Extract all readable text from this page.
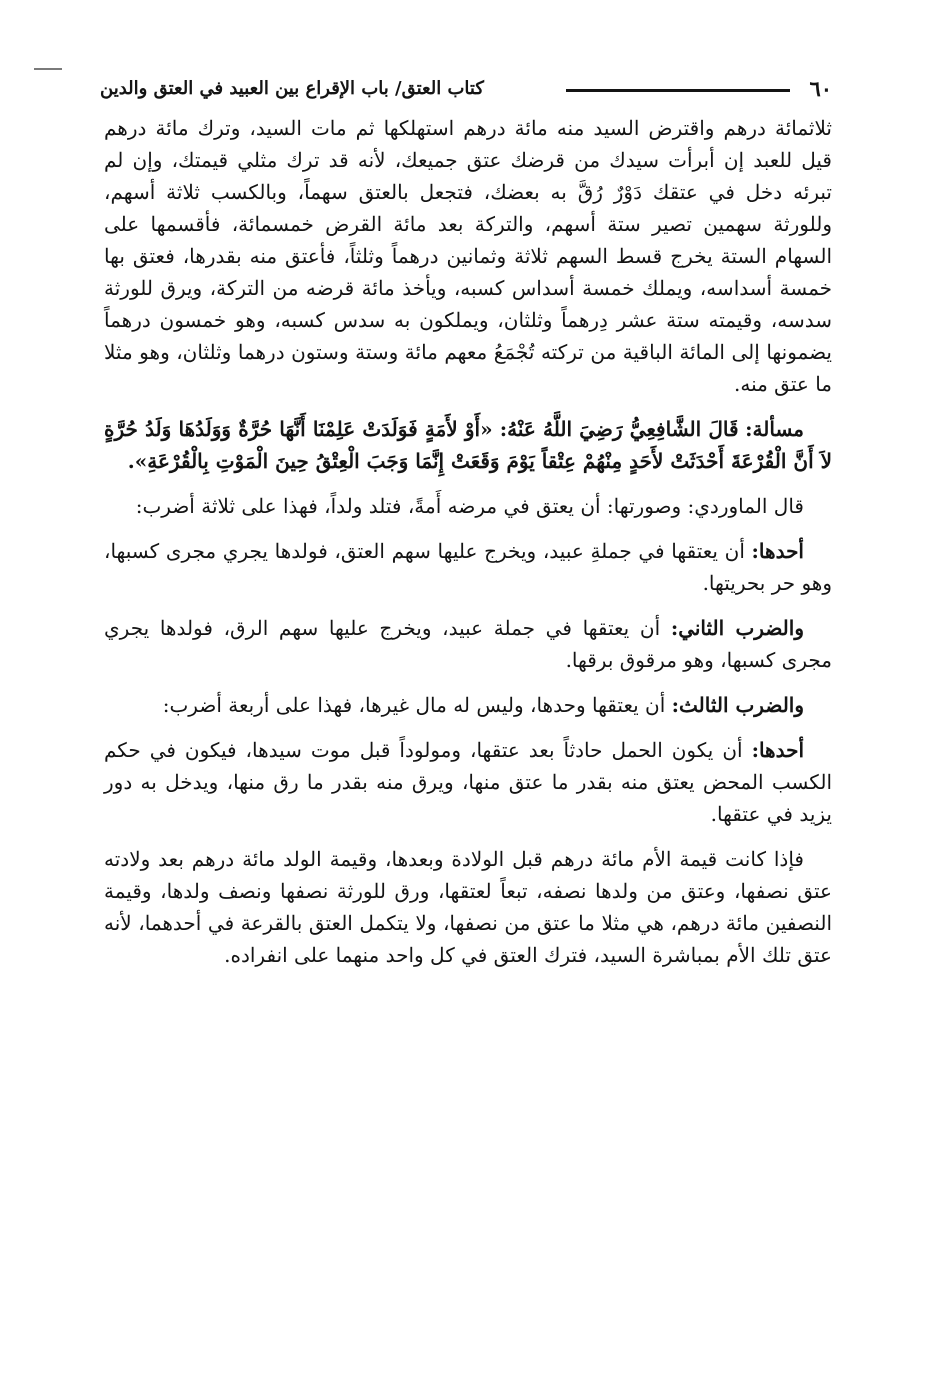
٦٠
كتاب العتق/ باب الإقراع بين العبيد في العتق والدين

ثلاثمائة درهم واقترض السيد منه مائة درهم استهلكها ثم مات السيد، وترك مائة درهم قيل للعبد إن أبرأت سيدك من قرضك عتق جميعك، لأنه قد ترك مثلي قيمتك، وإن لم تبرئه دخل في عتقك دَوْرٌ رُقَّ به بعضك، فتجعل بالعتق سهماً، وبالكسب ثلاثة أسهم، وللورثة سهمين تصير ستة أسهم، والتركة بعد مائة القرض خمسمائة، فأقسمها على السهام الستة يخرج قسط السهم ثلاثة وثمانين درهماً وثلثاً، فأعتق منه بقدرها، فعتق بها خمسة أسداسه، ويملك خمسة أسداس كسبه، ويأخذ مائة قرضه من التركة، ويرق للورثة سدسه، وقيمته ستة عشر دِرهماً وثلثان، ويملكون به سدس كسبه، وهو خمسون درهماً يضمونها إلى المائة الباقية من تركته تُجْمَعُ معهم مائة وستة وستون درهما وثلثان، وهو مثلا ما عتق منه.

مسألة: قَالَ الشَّافِعِيُّ رَضِيَ اللَّهُ عَنْهُ: «أَوْ لأَمَةٍ فَوَلَدَتْ عَلِمْنَا أَنَّهَا حُرَّةٌ وَوَلَدُهَا وَلَدُ حُرَّةٍ لاَ أَنَّ الْقُرْعَةَ أَحْدَثَتْ لأَحَدٍ مِنْهُمْ عِتْقاً يَوْمَ وَقَعَتْ إِنَّمَا وَجَبَ الْعِتْقُ حِينَ الْمَوْتِ بِالْقُرْعَةِ».

قال الماوردي: وصورتها: أن يعتق في مرضه أَمةً، فتلد ولداً، فهذا على ثلاثة أضرب:

أحدها: أن يعتقها في جملةِ عبيد، ويخرج عليها سهم العتق، فولدها يجري مجرى كسبها، وهو حر بحريتها.

والضرب الثاني: أن يعتقها في جملة عبيد، ويخرج عليها سهم الرق، فولدها يجري مجرى كسبها، وهو مرقوق برقها.

والضرب الثالث: أن يعتقها وحدها، وليس له مال غيرها، فهذا على أربعة أضرب:

أحدها: أن يكون الحمل حادثاً بعد عتقها، ومولوداً قبل موت سيدها، فيكون في حكم الكسب المحض يعتق منه بقدر ما عتق منها، ويرق منه بقدر ما رق منها، ويدخل به دور يزيد في عتقها.

فإذا كانت قيمة الأم مائة درهم قبل الولادة وبعدها، وقيمة الولد مائة درهم بعد ولادته عتق نصفها، وعتق من ولدها نصفه، تبعاً لعتقها، ورق للورثة نصفها ونصف ولدها، وقيمة النصفين مائة درهم، هي مثلا ما عتق من نصفها، ولا يتكمل العتق بالقرعة في أحدهما، لأنه عتق تلك الأم بمباشرة السيد، فترك العتق في كل واحد منهما على انفراده.
